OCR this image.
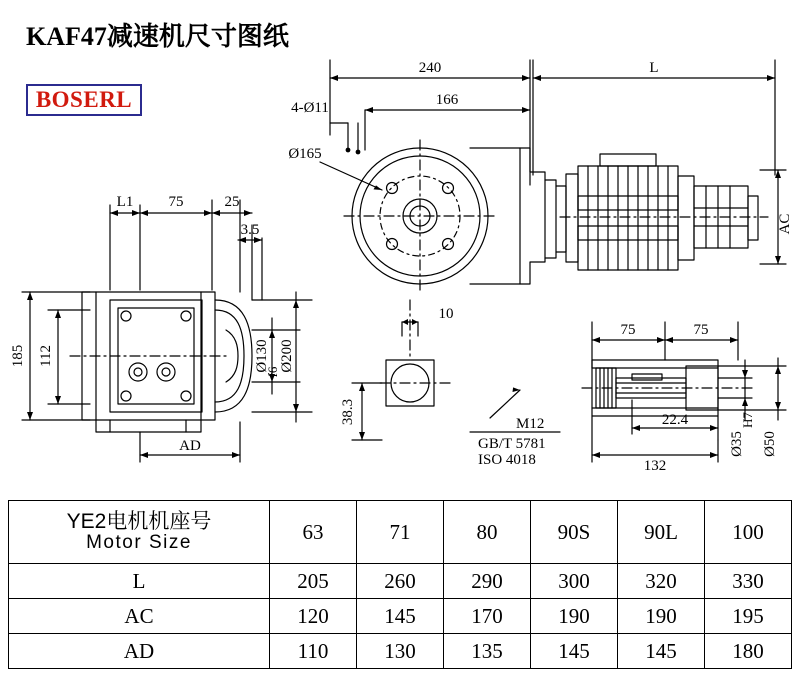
KAF47减速机尺寸图纸
BOSERL
240	L
166
4-Ø11
Ø165
AC
L1 75	25
3.5
185 112	Ø130
f6 Ø200
AD
10
38.3	M12
GB/T 5781
ISO 4018
75	75
22.4
132
Ø35
H7
Ø50
YE2电机机座号
Motor Size	63	71	80	90S	90L	100
L	205	260	290	300	320	330
AC	120	145	170	190	190	195
AD	110	130	135	145	145	180
